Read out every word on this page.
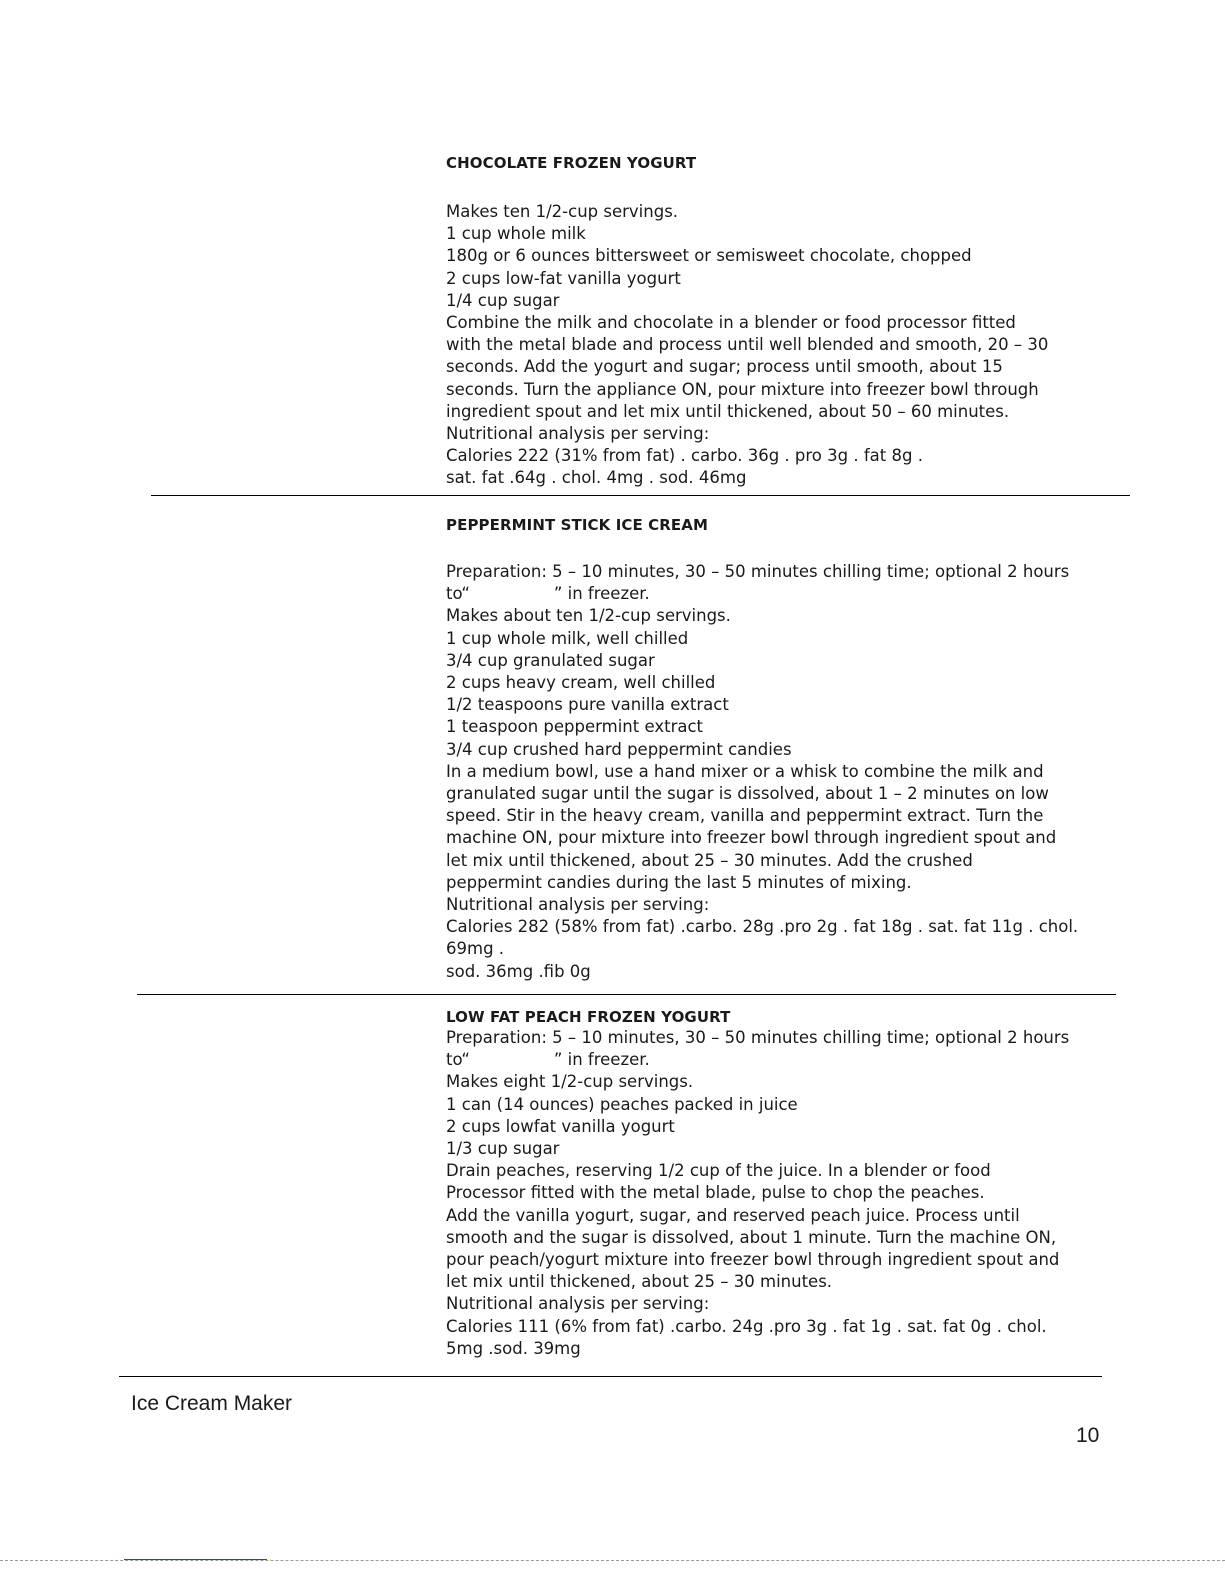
CHOCOLATE FROZEN YOGURT

Makes ten 1/2-cup servings.

1 cup whole milk

180g or 6 ounces bittersweet or semisweet chocolate, chopped

2 cups low-fat vanilla yogurt

1/4 cup sugar

Combine the milk and chocolate in a blender or food processor fitted

with the metal blade and process until well blended and smooth, 20 – 30

seconds. Add the yogurt and sugar; process until smooth, about 15

seconds. Turn the appliance ON, pour mixture into freezer bowl through

ingredient spout and let mix until thickened, about 50 – 60 minutes.

Nutritional analysis per serving:

Calories 222 (31% from fat) . carbo. 36g . pro 3g . fat 8g .

sat. fat .64g . chol. 4mg . sod. 46mg

PEPPERMINT STICK ICE CREAM

Preparation: 5 – 10 minutes, 30 – 50 minutes chilling time; optional 2 hours

to“                ” in freezer.

Makes about ten 1/2-cup servings.

1 cup whole milk, well chilled

3/4 cup granulated sugar

2 cups heavy cream, well chilled

1/2 teaspoons pure vanilla extract

1 teaspoon peppermint extract

3/4 cup crushed hard peppermint candies

In a medium bowl, use a hand mixer or a whisk to combine the milk and

granulated sugar until the sugar is dissolved, about 1 – 2 minutes on low

speed. Stir in the heavy cream, vanilla and peppermint extract. Turn the

machine ON, pour mixture into freezer bowl through ingredient spout and

let mix until thickened, about 25 – 30 minutes. Add the crushed

peppermint candies during the last 5 minutes of mixing.

Nutritional analysis per serving:

Calories 282 (58% from fat) .carbo. 28g .pro 2g . fat 18g . sat. fat 11g . chol.

69mg .

sod. 36mg .fib 0g

LOW FAT PEACH FROZEN YOGURT

Preparation: 5 – 10 minutes, 30 – 50 minutes chilling time; optional 2 hours

to“                ” in freezer.

Makes eight 1/2-cup servings.

1 can (14 ounces) peaches packed in juice

2 cups lowfat vanilla yogurt

1/3 cup sugar

Drain peaches, reserving 1/2 cup of the juice. In a blender or food

Processor fitted with the metal blade, pulse to chop the peaches.

Add the vanilla yogurt, sugar, and reserved peach juice. Process until

smooth and the sugar is dissolved, about 1 minute. Turn the machine ON,

pour peach/yogurt mixture into freezer bowl through ingredient spout and

let mix until thickened, about 25 – 30 minutes.

Nutritional analysis per serving:

Calories 111 (6% from fat) .carbo. 24g .pro 3g . fat 1g . sat. fat 0g . chol.

5mg .sod. 39mg

Ice Cream Maker
10
